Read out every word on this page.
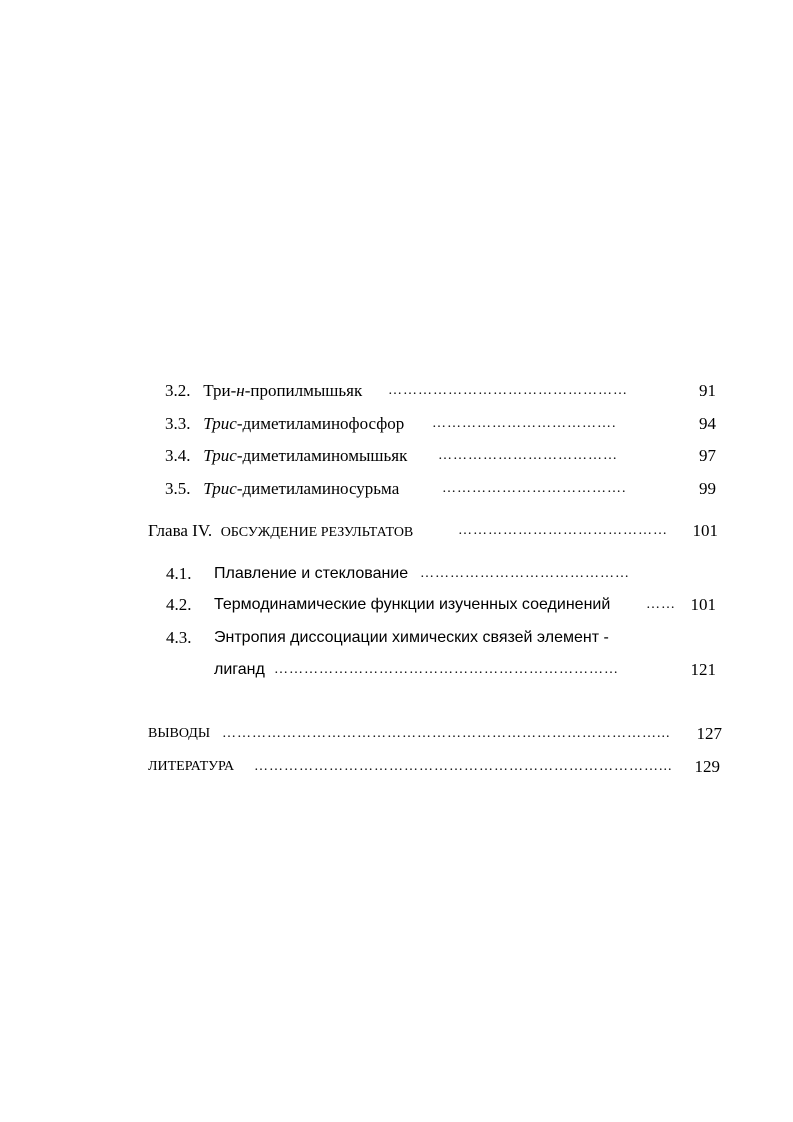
3.2. Три-н-пропилмышьяк …………………………………………	91
3.3. Трис-диметиламинофосфор ……………………………….	94
3.4. Трис-диметиламиномышьяк ………………………………	97
3.5. Трис-диметиламиносурьма	……………………………….	99
Глава IV. ОБСУЖДЕНИЕ РЕЗУЛЬТАТОВ	……………………………………	101
4.1. Плавление и стеклование ……………………………………
4.2. Термодинамические функции изученных соединений	…… 101
4.3. Энтропия диссоциации химических связей элемент -
лиганд ……………………………………………………………	121
ВЫВОДЫ ……………………………………………………………………………...	127
ЛИТЕРАТУРА ………………………………………………………………………...	129
